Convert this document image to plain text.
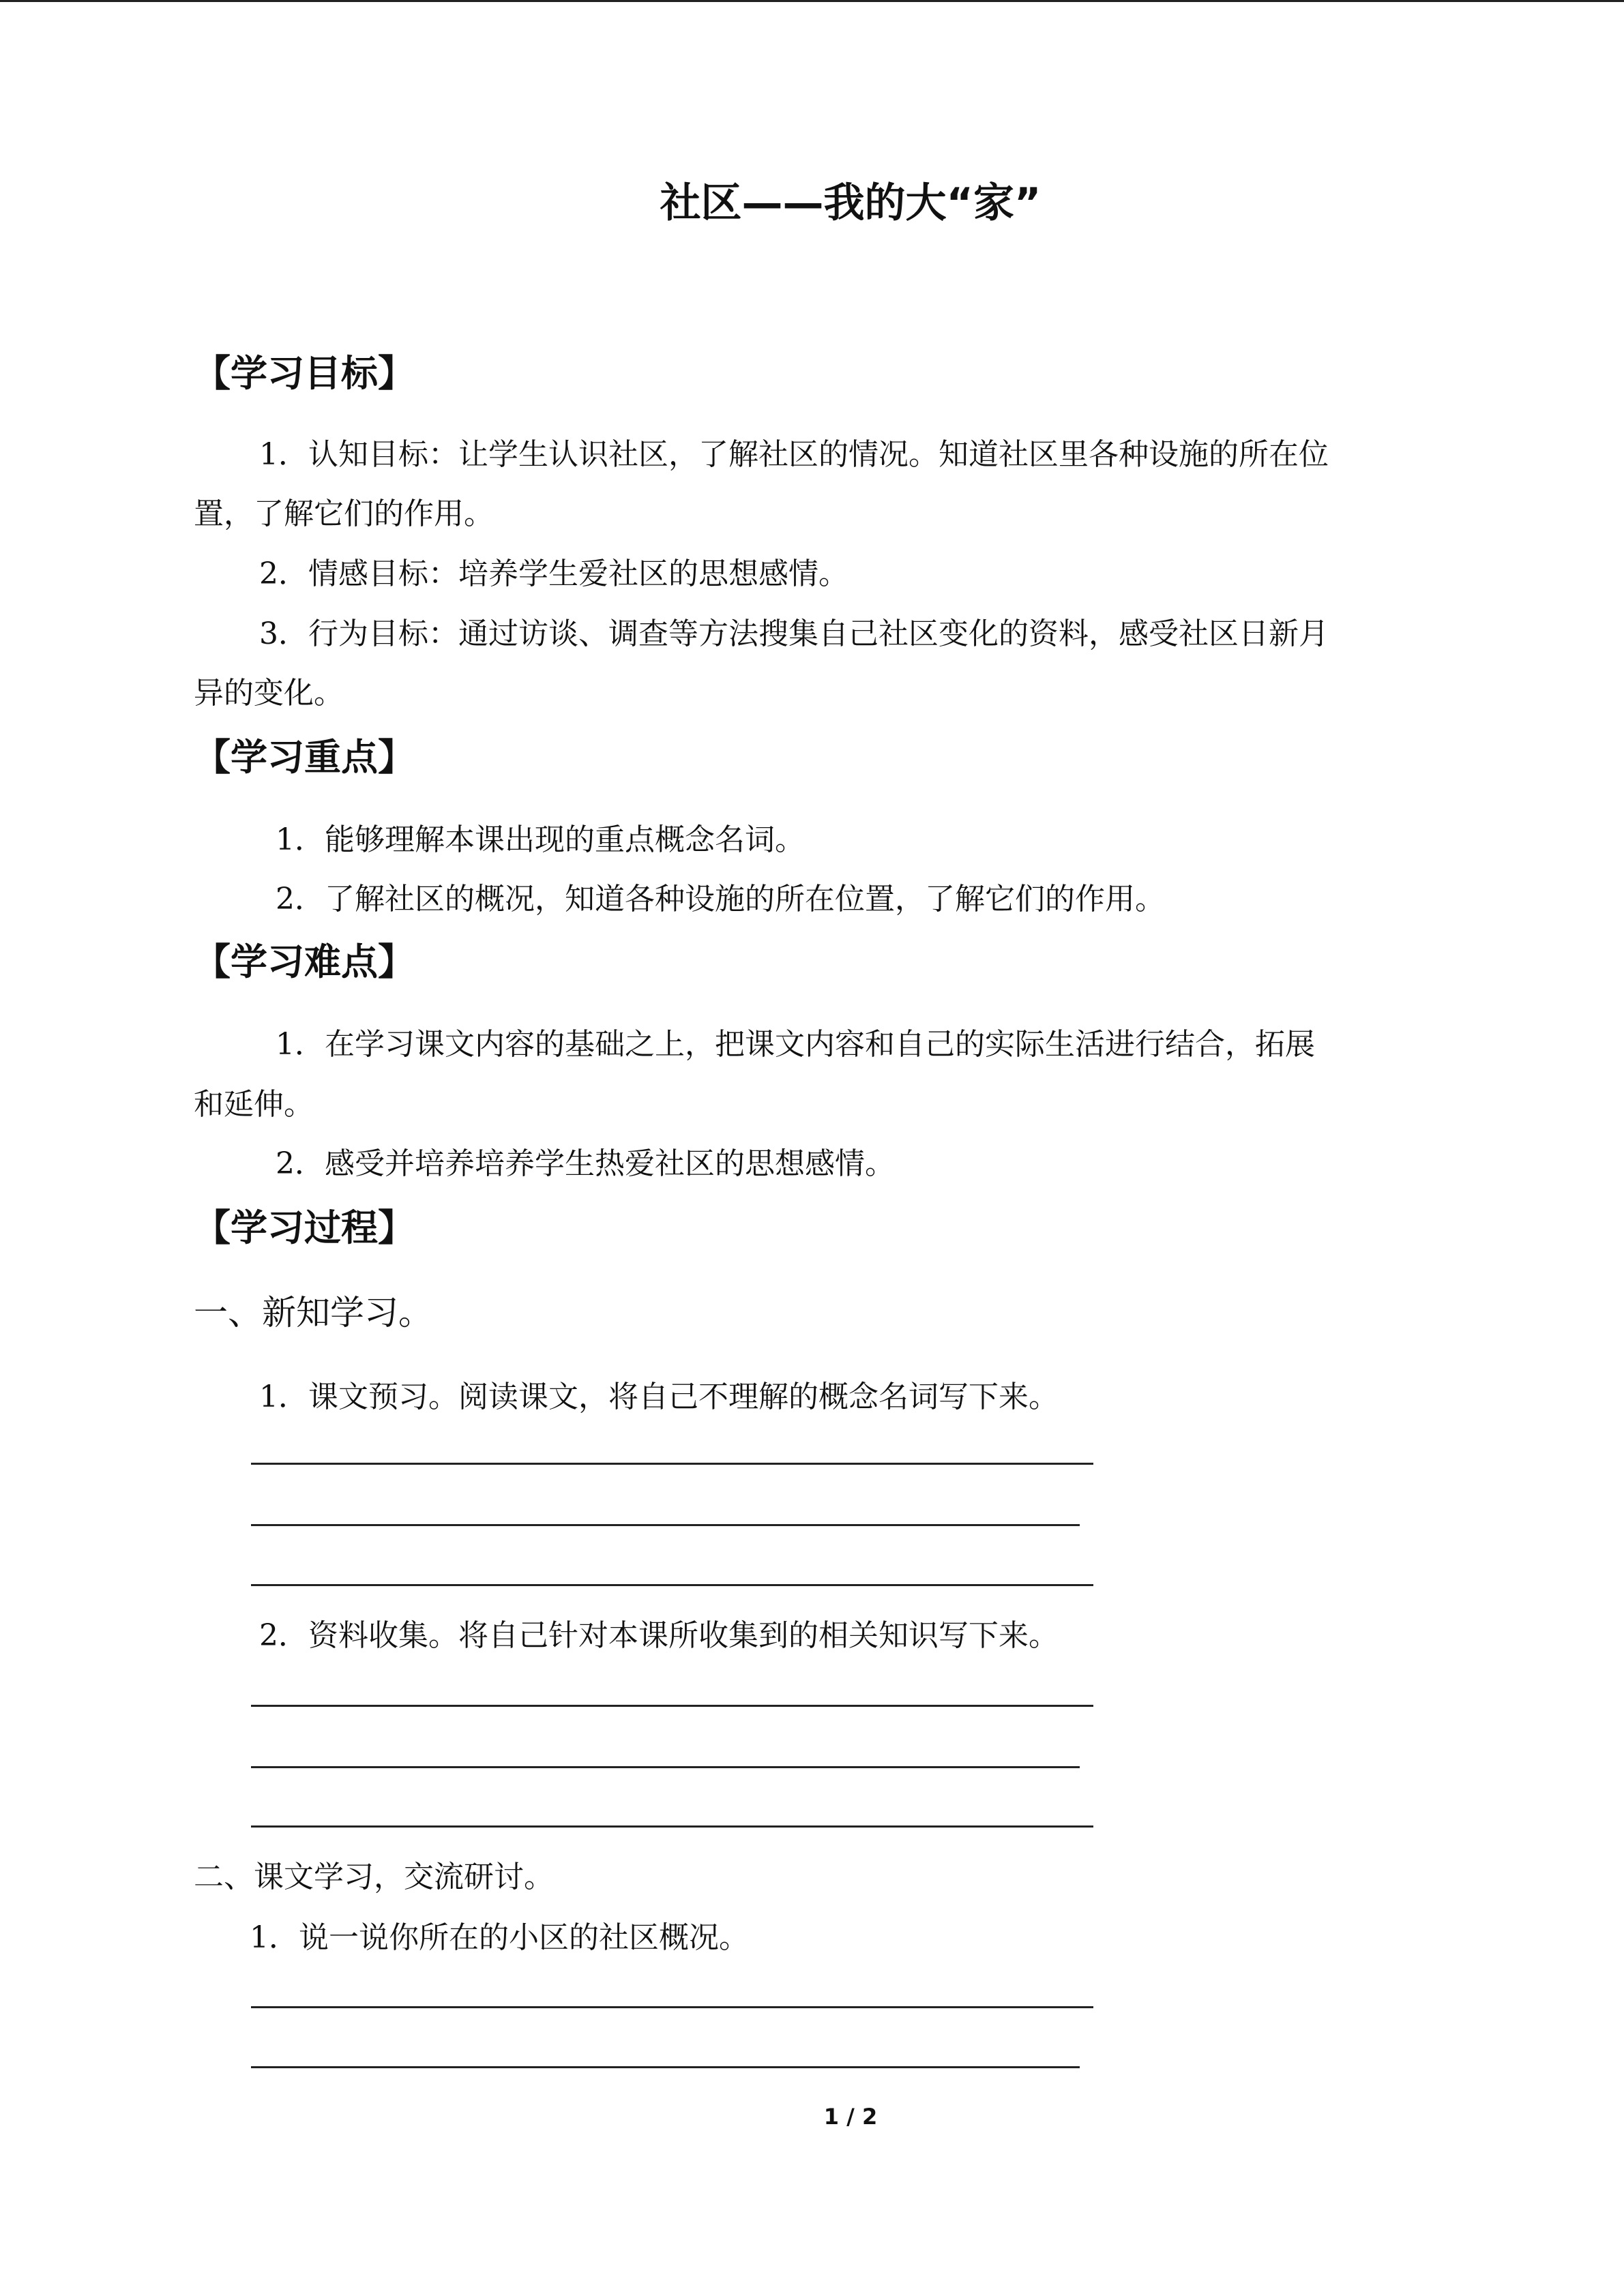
社区——我的大“家”
【学习目标】
1．认知目标：让学生认识社区，了解社区的情况。知道社区里各种设施的所在位
置，了解它们的作用。
2．情感目标：培养学生爱社区的思想感情。
3．行为目标：通过访谈、调查等方法搜集自己社区变化的资料，感受社区日新月
异的变化。
【学习重点】
1．能够理解本课出现的重点概念名词。
2．了解社区的概况，知道各种设施的所在位置，了解它们的作用。
【学习难点】
1．在学习课文内容的基础之上，把课文内容和自己的实际生活进行结合，拓展
和延伸。
2．感受并培养培养学生热爱社区的思想感情。
【学习过程】
一、新知学习。
1．课文预习。阅读课文，将自己不理解的概念名词写下来。
2．资料收集。将自己针对本课所收集到的相关知识写下来。
二、课文学习，交流研讨。
1．说一说你所在的小区的社区概况。
1 / 2
